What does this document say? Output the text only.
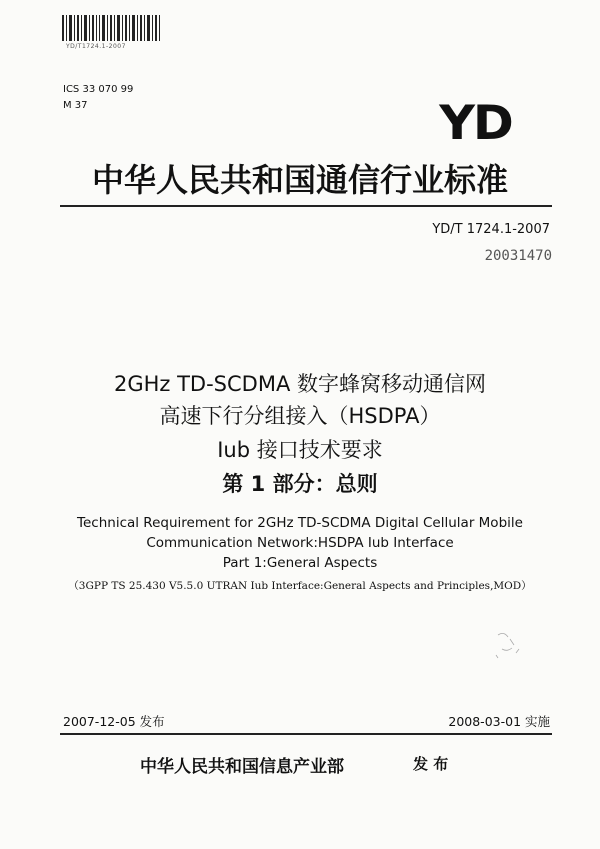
YD/T1724.1-2007
ICS 33 070 99
M 37	YD
中华人民共和国通信行业标准
YD/T 1724.1-2007
20031470
2GHz TD-SCDMA 数字蜂窝移动通信网
高速下行分组接入（HSDPA）
Iub 接口技术要求
第 1 部分：总则
Technical Requirement for 2GHz TD-SCDMA Digital Cellular Mobile
Communication Network:HSDPA Iub Interface
Part 1:General Aspects
（3GPP TS 25.430 V5.5.0 UTRAN Iub Interface:General Aspects and Principles,MOD）
2007-12-05 发布	2008-03-01 实施
中华人民共和国信息产业部	发 布
